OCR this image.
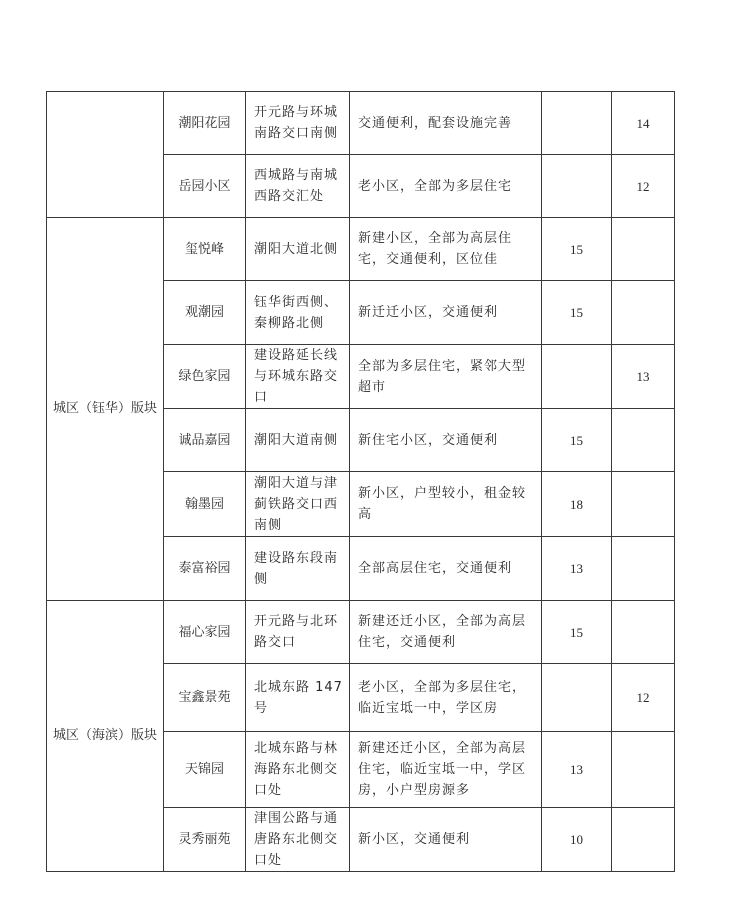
	潮阳花园	开元路与环城南路交口南侧	交通便利，配套设施完善		14
	岳园小区	西城路与南城西路交汇处	老小区，全部为多层住宅		12
城区（钰华）版块	玺悦峰	潮阳大道北侧	新建小区，全部为高层住宅，交通便利，区位佳	15	
	观潮园	钰华街西侧、秦柳路北侧	新迁迁小区，交通便利	15	
	绿色家园	建设路延长线与环城东路交口	全部为多层住宅，紧邻大型超市		13
	诚品嘉园	潮阳大道南侧	新住宅小区，交通便利	15	
	翰墨园	潮阳大道与津蓟铁路交口西南侧	新小区，户型较小，租金较高	18	
	泰富裕园	建设路东段南侧	全部高层住宅，交通便利	13	
城区（海滨）版块	福心家园	开元路与北环路交口	新建还迁小区，全部为高层住宅，交通便利	15	
	宝鑫景苑	北城东路 147 号	老小区，全部为多层住宅，临近宝坻一中，学区房		12
	天锦园	北城东路与林海路东北侧交口处	新建还迁小区，全部为高层住宅，临近宝坻一中，学区房，小户型房源多	13	
	灵秀丽苑	津围公路与通唐路东北侧交口处	新小区，交通便利	10	
